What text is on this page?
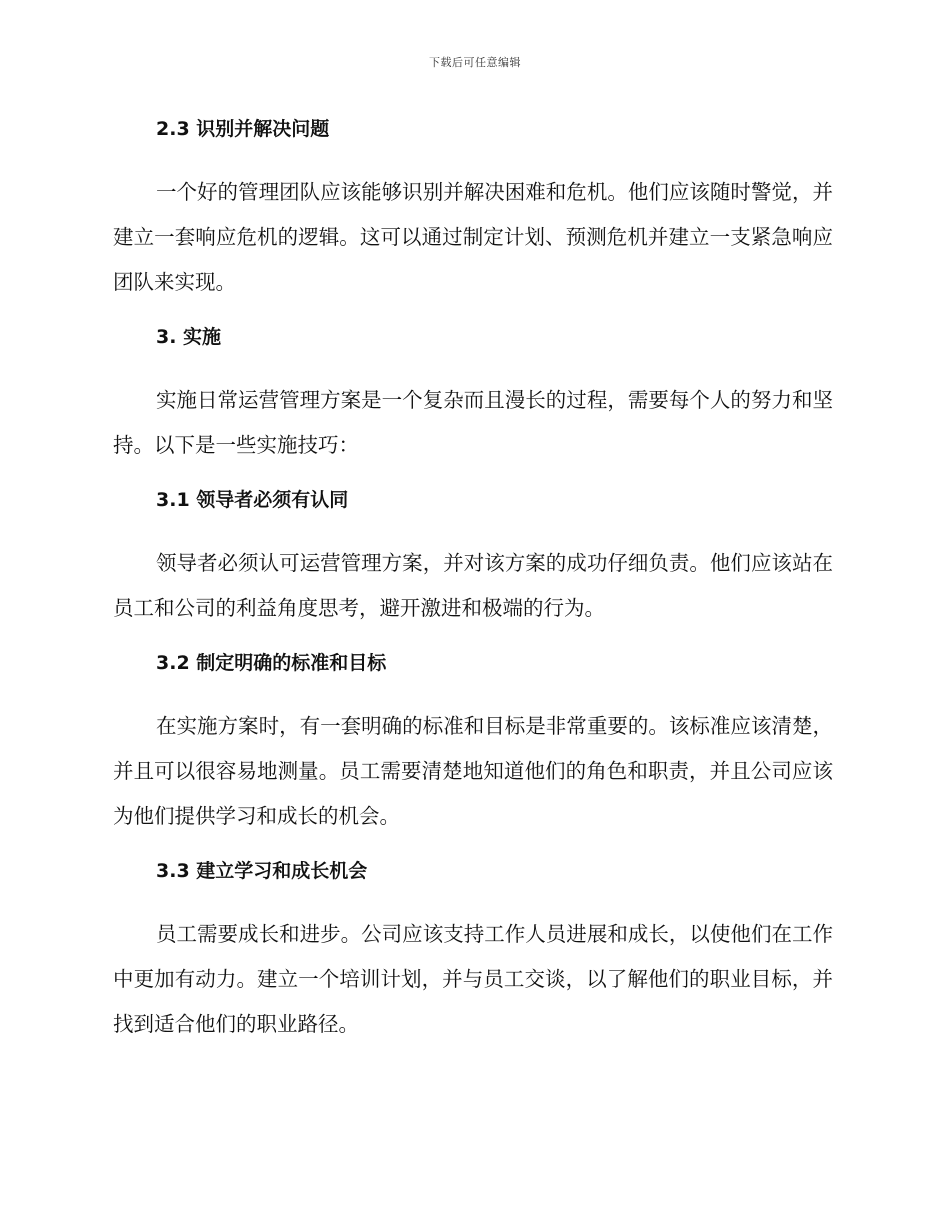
下载后可任意编辑
2.3 识别并解决问题

一个好的管理团队应该能够识别并解决困难和危机。他们应该随时警觉，并建立一套响应危机的逻辑。这可以通过制定计划、预测危机并建立一支紧急响应团队来实现。

3. 实施

实施日常运营管理方案是一个复杂而且漫长的过程，需要每个人的努力和坚持。以下是一些实施技巧：

3.1 领导者必须有认同

领导者必须认可运营管理方案，并对该方案的成功仔细负责。他们应该站在员工和公司的利益角度思考，避开激进和极端的行为。

3.2 制定明确的标准和目标

在实施方案时，有一套明确的标准和目标是非常重要的。该标准应该清楚，并且可以很容易地测量。员工需要清楚地知道他们的角色和职责，并且公司应该为他们提供学习和成长的机会。

3.3 建立学习和成长机会

员工需要成长和进步。公司应该支持工作人员进展和成长，以使他们在工作中更加有动力。建立一个培训计划，并与员工交谈，以了解他们的职业目标，并找到适合他们的职业路径。
